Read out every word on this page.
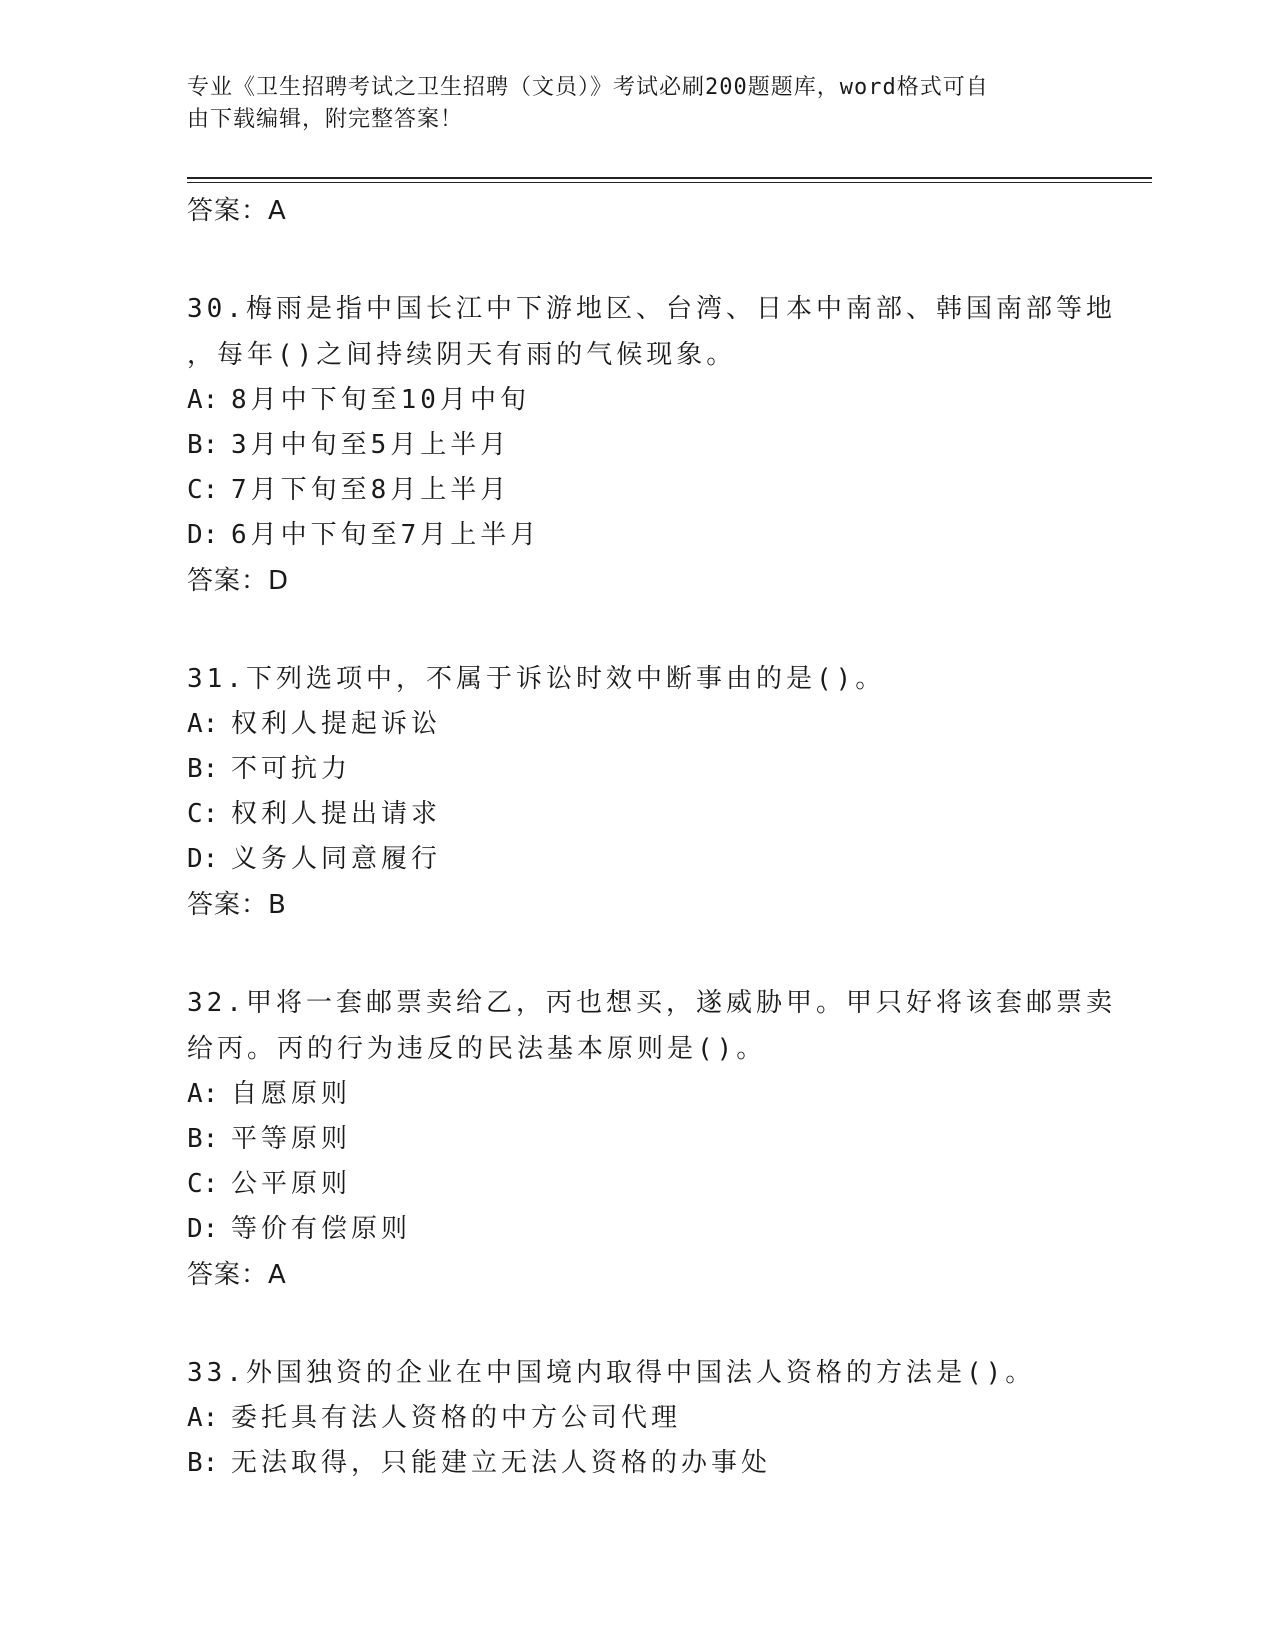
专业《卫生招聘考试之卫生招聘（文员）》考试必刷200题题库，word格式可自
由下载编辑，附完整答案！
答案：A
30.梅雨是指中国长江中下游地区、台湾、日本中南部、韩国南部等地
，每年()之间持续阴天有雨的气候现象。
A: 8月中下旬至10月中旬
B: 3月中旬至5月上半月
C: 7月下旬至8月上半月
D: 6月中下旬至7月上半月
答案：D
31.下列选项中，不属于诉讼时效中断事由的是()。
A: 权利人提起诉讼
B: 不可抗力
C: 权利人提出请求
D: 义务人同意履行
答案：B
32.甲将一套邮票卖给乙，丙也想买，遂威胁甲。甲只好将该套邮票卖
给丙。丙的行为违反的民法基本原则是()。
A: 自愿原则
B: 平等原则
C: 公平原则
D: 等价有偿原则
答案：A
33.外国独资的企业在中国境内取得中国法人资格的方法是()。
A: 委托具有法人资格的中方公司代理
B: 无法取得，只能建立无法人资格的办事处
